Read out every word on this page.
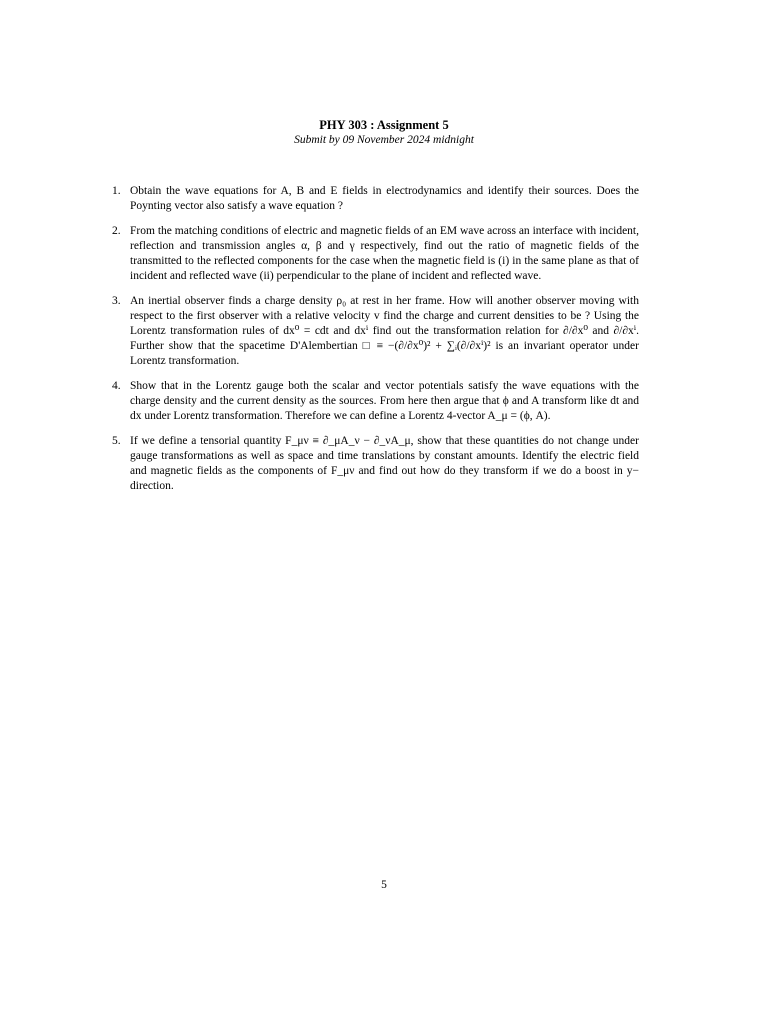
PHY 303 : Assignment 5
Submit by 09 November 2024 midnight
1. Obtain the wave equations for A, B and E fields in electrodynamics and identify their sources. Does the Poynting vector also satisfy a wave equation ?
2. From the matching conditions of electric and magnetic fields of an EM wave across an interface with incident, reflection and transmission angles α, β and γ respectively, find out the ratio of magnetic fields of the transmitted to the reflected components for the case when the magnetic field is (i) in the same plane as that of incident and reflected wave (ii) perpendicular to the plane of incident and reflected wave.
3. An inertial observer finds a charge density ρ₀ at rest in her frame. How will another observer moving with respect to the first observer with a relative velocity v find the charge and current densities to be ? Using the Lorentz transformation rules of dx⁰ = cdt and dxⁱ find out the transformation relation for ∂/∂x⁰ and ∂/∂xⁱ. Further show that the spacetime D'Alembertian □ ≡ −(∂/∂x⁰)² + ∑ᵢ(∂/∂xⁱ)² is an invariant operator under Lorentz transformation.
4. Show that in the Lorentz gauge both the scalar and vector potentials satisfy the wave equations with the charge density and the current density as the sources. From here then argue that ϕ and A transform like dt and dx under Lorentz transformation. Therefore we can define a Lorentz 4-vector A_μ = (ϕ, A).
5. If we define a tensorial quantity F_μν ≡ ∂_μA_ν − ∂_νA_μ, show that these quantities do not change under gauge transformations as well as space and time translations by constant amounts. Identify the electric field and magnetic fields as the components of F_μν and find out how do they transform if we do a boost in y− direction.
5
